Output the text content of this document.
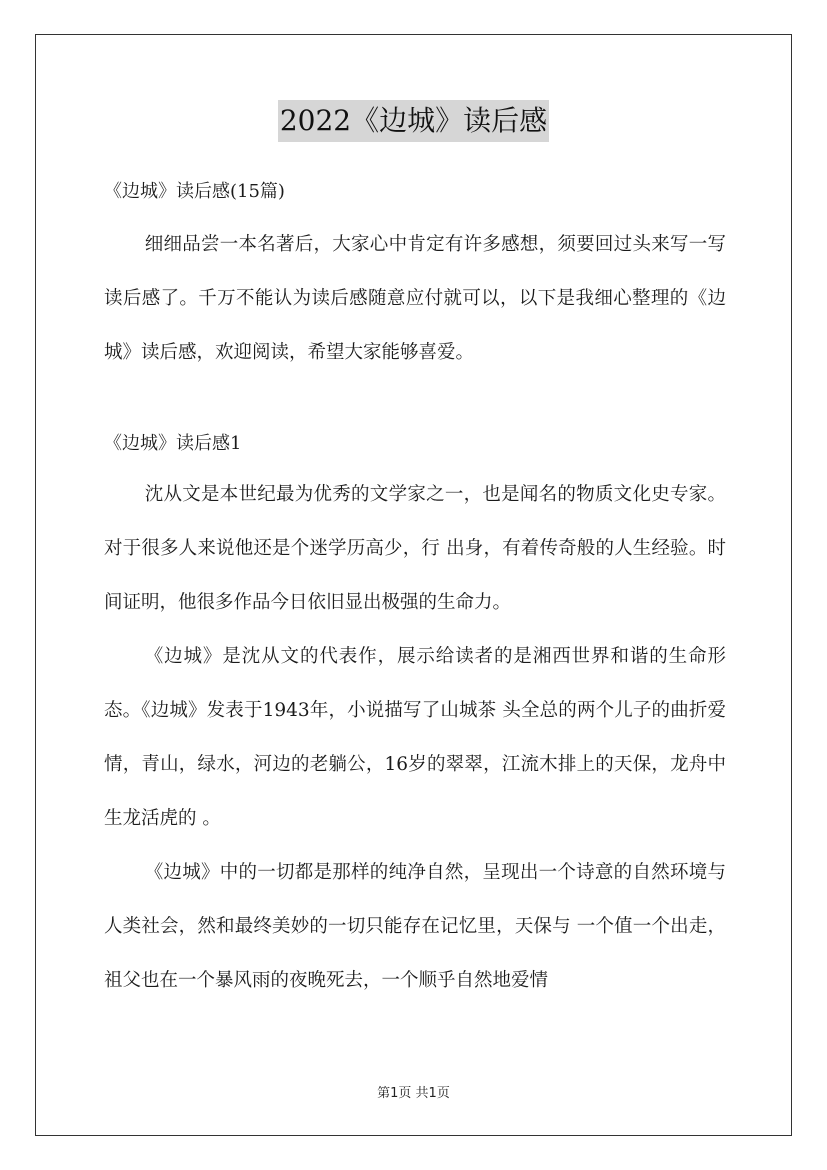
2022《边城》读后感

《边城》读后感(15篇)

细细品尝一本名著后，大家心中肯定有许多感想，须要回过头来写一写读后感了。千万不能认为读后感随意应付就可以，以下是我细心整理的《边城》读后感，欢迎阅读，希望大家能够喜爱。

《边城》读后感1

沈从文是本世纪最为优秀的文学家之一，也是闻名的物质文化史专家。对于很多人来说他还是个迷学历高少，行 出身，有着传奇般的人生经验。时间证明，他很多作品今日依旧显出极强的生命力。

《边城》是沈从文的代表作，展示给读者的是湘西世界和谐的生命形态。《边城》发表于1943年，小说描写了山城茶 头全总的两个儿子的曲折爱情，青山，绿水，河边的老躺公，16岁的翠翠，江流木排上的天保，龙舟中生龙活虎的 。

《边城》中的一切都是那样的纯净自然，呈现出一个诗意的自然环境与人类社会，然和最终美妙的一切只能存在记忆里，天保与 一个值一个出走，祖父也在一个暴风雨的夜晚死去，一个顺乎自然地爱情

第1页 共1页
